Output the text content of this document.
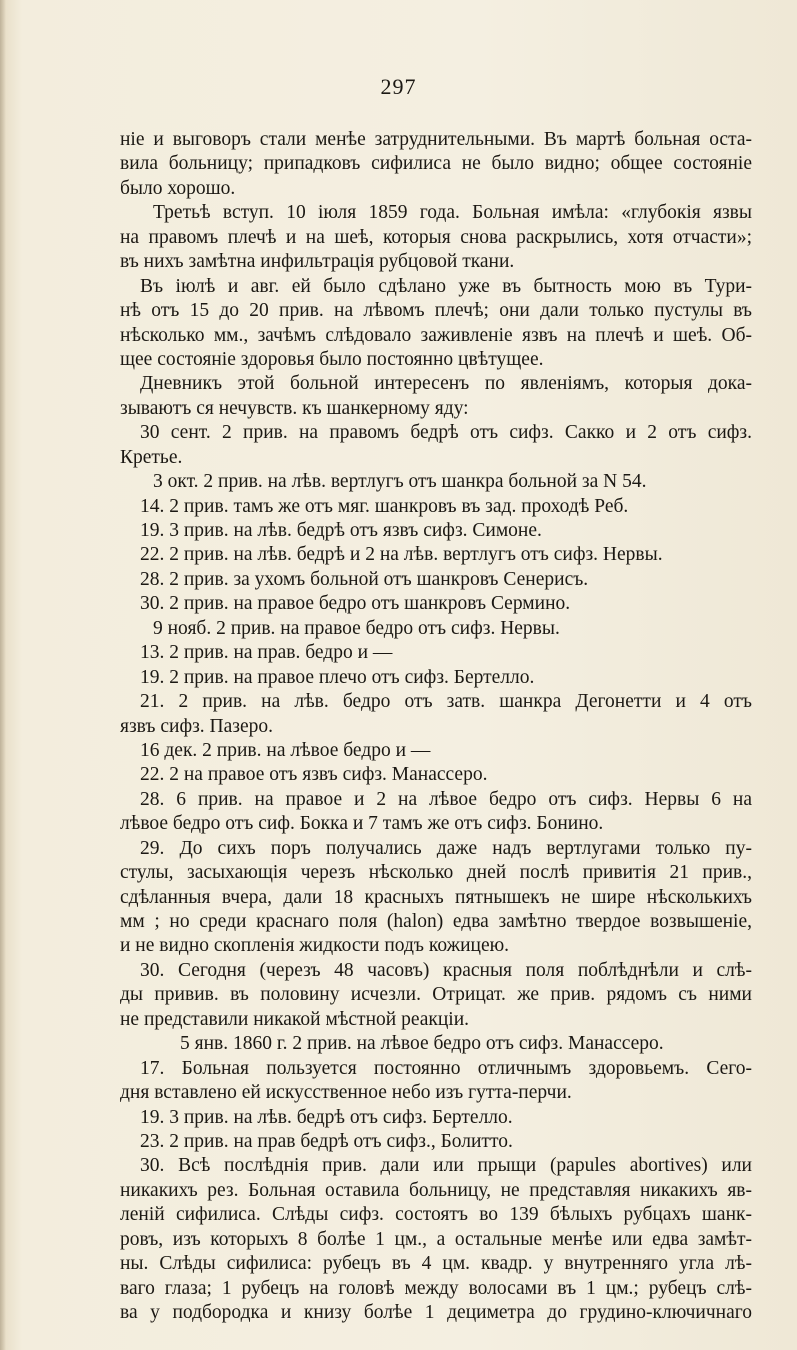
297
ніе и выговоръ стали менѣе затруднительными. Въ мартѣ больная оста-
вила больницу; припадковъ сифилиса не было видно; общее состояніе
было хорошо.
Третьѣ вступ. 10 іюля 1859 года. Больная имѣла: «глубокія язвы
на правомъ плечѣ и на шеѣ, которыя снова раскрылись, хотя отчасти»;
въ нихъ замѣтна инфильтрація рубцовой ткани.
Въ іюлѣ и авг. ей было сдѣлано уже въ бытность мою въ Тури-
нѣ отъ 15 до 20 прив. на лѣвомъ плечѣ; они дали только пустулы въ
нѣсколько мм., зачѣмъ слѣдовало заживленіе язвъ на плечѣ и шеѣ. Об-
щее состояніе здоровья было постоянно цвѣтущее.
Дневникъ этой больной интересенъ по явленіямъ, которыя дока-
зываютъ ся нечувств. къ шанкерному яду:
30 сент. 2 прив. на правомъ бедрѣ отъ сифз. Сакко и 2 отъ сифз.
Кретье.
3 окт. 2 прив. на лѣв. вертлугъ отъ шанкра больной за N 54.
14. 2 прив. тамъ же отъ мяг. шанкровъ въ зад. проходѣ Реб.
19. 3 прив. на лѣв. бедрѣ отъ язвъ сифз. Симоне.
22. 2 прив. на лѣв. бедрѣ и 2 на лѣв. вертлугъ отъ сифз. Нервы.
28. 2 прив. за ухомъ больной отъ шанкровъ Сенерисъ.
30. 2 прив. на правое бедро отъ шанкровъ Сермино.
9 нояб. 2 прив. на правое бедро отъ сифз. Нервы.
13. 2 прив. на прав. бедро и —
19. 2 прив. на правое плечо отъ сифз. Бертелло.
21. 2 прив. на лѣв. бедро отъ затв. шанкра Дегонетти и 4 отъ
язвъ сифз. Пазеро.
16 дек. 2 прив. на лѣвое бедро и —
22. 2 на правое отъ язвъ сифз. Манассеро.
28. 6 прив. на правое и 2 на лѣвое бедро отъ сифз. Нервы 6 на
лѣвое бедро отъ сиф. Бокка и 7 тамъ же отъ сифз. Бонино.
29. До сихъ поръ получались даже надъ вертлугами только пу-
стулы, засыхающія черезъ нѣсколько дней послѣ привитія 21 прив.,
сдѣланныя вчера, дали 18 красныхъ пятнышекъ не шире нѣсколькихъ
мм ; но среди краснаго поля (halon) едва замѣтно твердое возвышеніе,
и не видно скопленія жидкости подъ кожицею.
30. Сегодня (черезъ 48 часовъ) красныя поля поблѣднѣли и слѣ-
ды привив. въ половину исчезли. Отрицат. же прив. рядомъ съ ними
не представили никакой мѣстной реакціи.
5 янв. 1860 г. 2 прив. на лѣвое бедро отъ сифз. Манассеро.
17. Больная пользуется постоянно отличнымъ здоровьемъ. Сего-
дня вставлено ей искусственное небо изъ гутта-перчи.
19. 3 прив. на лѣв. бедрѣ отъ сифз. Бертелло.
23. 2 прив. на прав бедрѣ отъ сифз., Болитто.
30. Всѣ послѣднія прив. дали или прыщи (papules abortives) или
никакихъ рез. Больная оставила больницу, не представляя никакихъ яв-
леній сифилиса. Слѣды сифз. состоятъ во 139 бѣлыхъ рубцахъ шанк-
ровъ, изъ которыхъ 8 болѣе 1 цм., а остальные менѣе или едва замѣт-
ны. Слѣды сифилиса: рубецъ въ 4 цм. квадр. у внутренняго угла лѣ-
ваго глаза; 1 рубецъ на головѣ между волосами въ 1 цм.; рубецъ слѣ-
ва у подбородка и книзу болѣе 1 дециметра до грудино-ключичнаго
